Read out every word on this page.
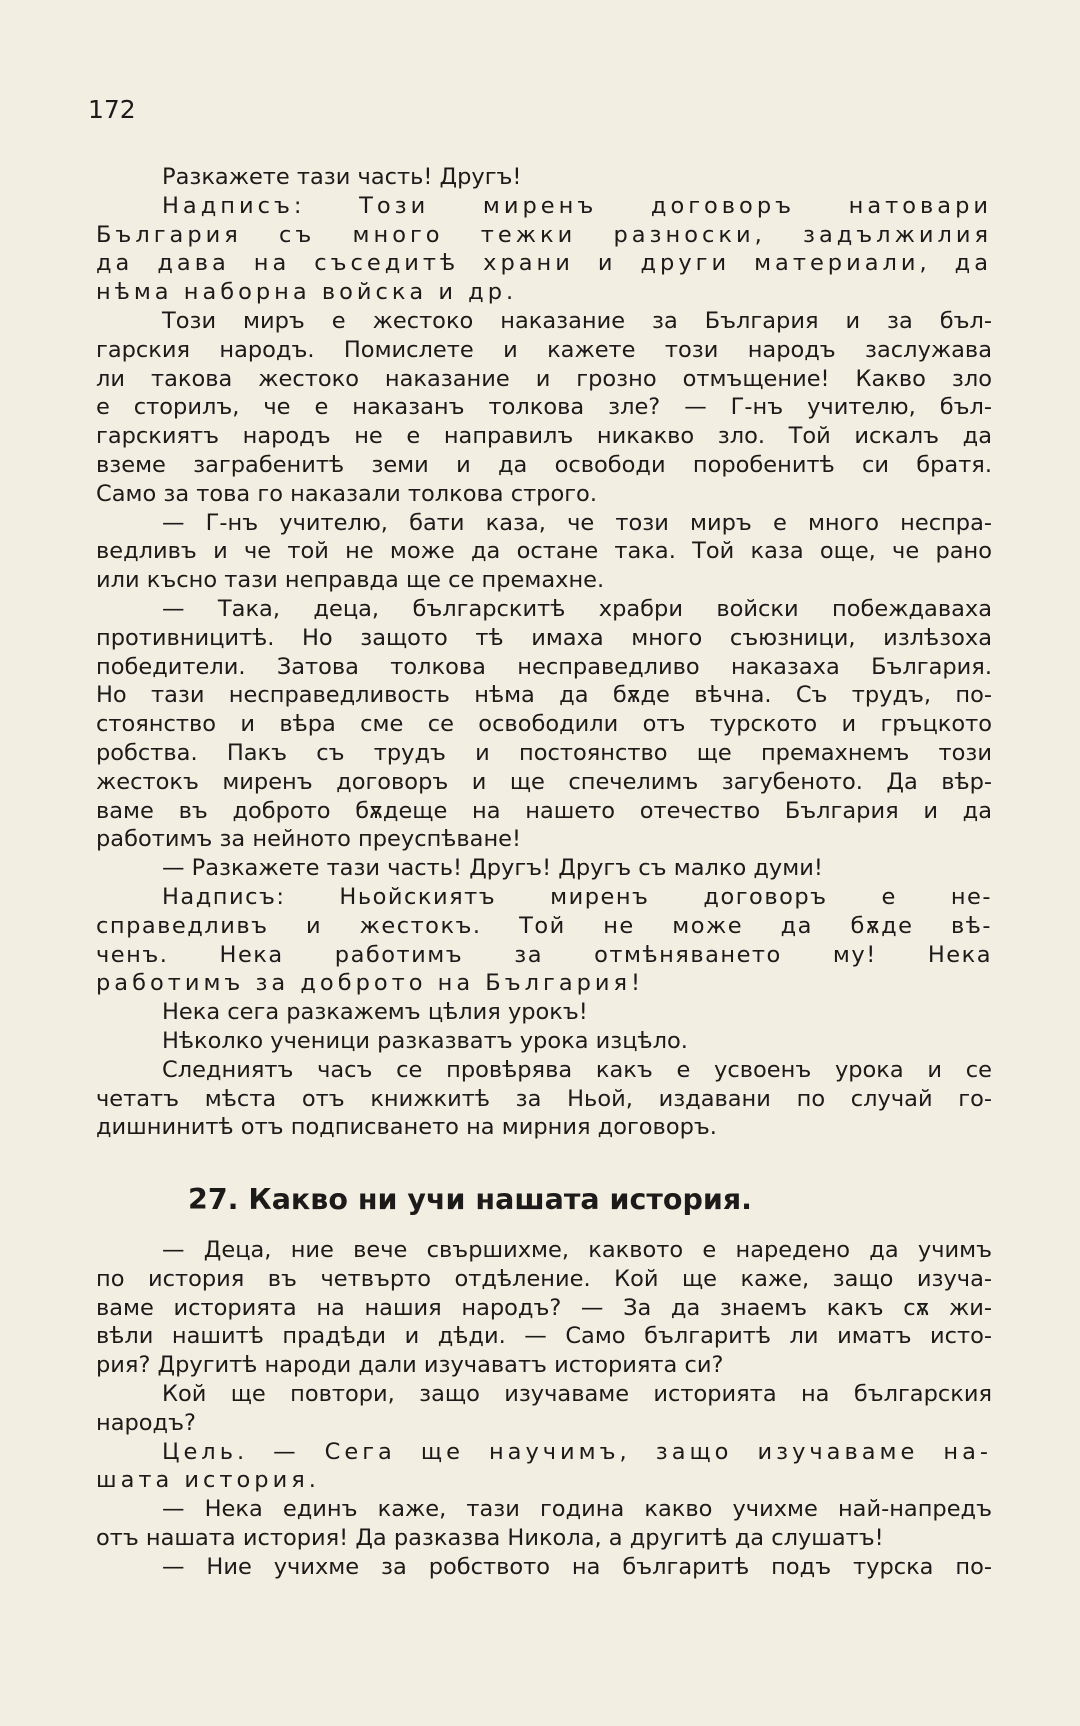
172

Разкажете тази часть! Другъ!

Надписъ: Този миренъ договоръ натовари

България съ много тежки разноски, задължилия

да дава на съседитѣ храни и други материали, да

нѣма наборна войска и др.

Този миръ е жестоко наказание за България и за бъл-

гарския народъ. Помислете и кажете този народъ заслужава

ли такова жестоко наказание и грозно отмъщение! Какво зло

е сторилъ, че е наказанъ толкова зле? — Г-нъ учителю, бъл-

гарскиятъ народъ не е направилъ никакво зло. Той искалъ да

вземе заграбенитѣ земи и да освободи поробенитѣ си братя.

Само за това го наказали толкова строго.

— Г-нъ учителю, бати каза, че този миръ е много неспра-

ведливъ и че той не може да остане така. Той каза още, че рано

или късно тази неправда ще се премахне.

— Така, деца, българскитѣ храбри войски побеждаваха

противницитѣ. Но защото тѣ имаха много съюзници, излѣзоха

победители. Затова толкова несправедливо наказаха България.

Но тази несправедливость нѣма да бѫде вѣчна. Съ трудъ, по-

стоянство и вѣра сме се освободили отъ турското и гръцкото

робства. Пакъ съ трудъ и постоянство ще премахнемъ този

жестокъ миренъ договоръ и ще спечелимъ загубеното. Да вѣр-

ваме въ доброто бѫдеще на нашето отечество България и да

работимъ за нейното преуспѣване!

— Разкажете тази часть! Другъ! Другъ съ малко думи!

Надписъ: Ньойскиятъ миренъ договоръ е не-

справедливъ и жестокъ. Той не може да бѫде вѣ-

ченъ. Нека работимъ за отмѣняването му! Нека

работимъ за доброто на България!

Нека сега разкажемъ цѣлия урокъ!

Нѣколко ученици разказватъ урока изцѣло.

Следниятъ часъ се провѣрява какъ е усвоенъ урока и се

четатъ мѣста отъ книжкитѣ за Ньой, издавани по случай го-

дишнинитѣ отъ подписването на мирния договоръ.

27. Какво ни учи нашата история.

— Деца, ние вече свършихме, каквото е наредено да учимъ

по история въ четвърто отдѣление. Кой ще каже, защо изуча-

ваме историята на нашия народъ? — За да знаемъ какъ сѫ жи-

вѣли нашитѣ прадѣди и дѣди. — Само българитѣ ли иматъ исто-

рия? Другитѣ народи дали изучаватъ историята си?

Кой ще повтори, защо изучаваме историята на българския

народъ?

Цель. — Сега ще научимъ, защо изучаваме на-

шата история.

— Нека единъ каже, тази година какво учихме най-напредъ

отъ нашата история! Да разказва Никола, а другитѣ да слушатъ!

— Ние учихме за робството на българитѣ подъ турска по-
